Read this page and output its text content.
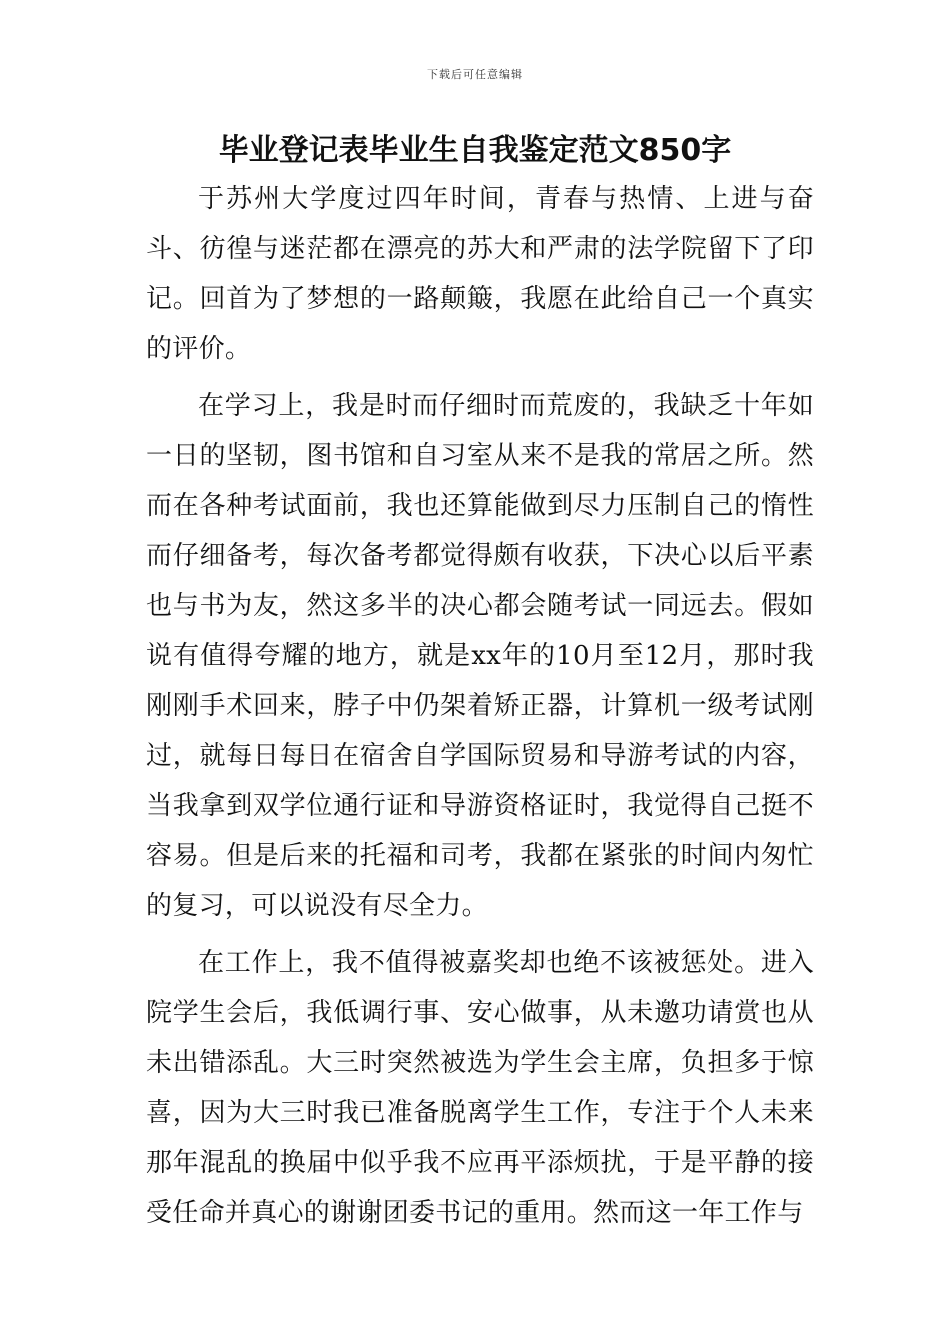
下载后可任意编辑
毕业登记表毕业生自我鉴定范文850字

于苏州大学度过四年时间，青春与热情、上进与奋斗、彷徨与迷茫都在漂亮的苏大和严肃的法学院留下了印记。回首为了梦想的一路颠簸，我愿在此给自己一个真实的评价。

在学习上，我是时而仔细时而荒废的，我缺乏十年如一日的坚韧，图书馆和自习室从来不是我的常居之所。然而在各种考试面前，我也还算能做到尽力压制自己的惰性而仔细备考，每次备考都觉得颇有收获，下决心以后平素也与书为友，然这多半的决心都会随考试一同远去。假如说有值得夸耀的地方，就是xx年的10月至12月，那时我刚刚手术回来，脖子中仍架着矫正器，计算机一级考试刚过，就每日每日在宿舍自学国际贸易和导游考试的内容，当我拿到双学位通行证和导游资格证时，我觉得自己挺不容易。但是后来的托福和司考，我都在紧张的时间内匆忙的复习，可以说没有尽全力。

在工作上，我不值得被嘉奖却也绝不该被惩处。进入院学生会后，我低调行事、安心做事，从未邀功请赏也从未出错添乱。大三时突然被选为学生会主席，负担多于惊喜，因为大三时我已准备脱离学生工作，专注于个人未来那年混乱的换届中似乎我不应再平添烦扰，于是平静的接受任命并真心的谢谢团委书记的重用。然而这一年工作与
